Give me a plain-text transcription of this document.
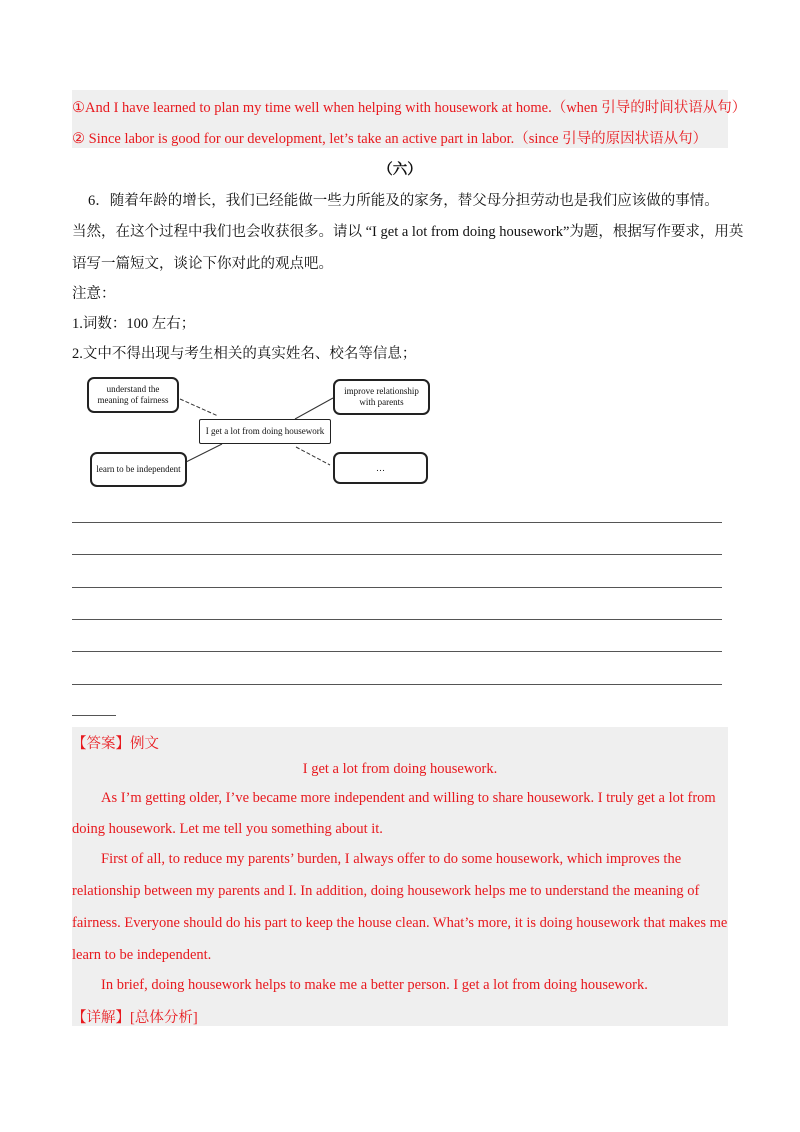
①And I have learned to plan my time well when helping with housework at home.（when 引导的时间状语从句）
② Since labor is good for our development, let’s take an active part in labor.（since 引导的原因状语从句）
（六）
6．随着年龄的增长，我们已经能做一些力所能及的家务，替父母分担劳动也是我们应该做的事情。
当然，在这个过程中我们也会收获很多。请以 “I get a lot from doing housework”为题，根据写作要求，用英
语写一篇短文，谈论下你对此的观点吧。
注意：
1.词数：100 左右；
2.文中不得出现与考生相关的真实姓名、校名等信息；
understand the
meaning of fairness
I get a lot from doing housework
improve relationship
with parents
learn to be independent	…
【答案】例文
I get a lot from doing housework.
As I’m getting older, I’ve became more independent and willing to share housework. I truly get a lot from
doing housework. Let me tell you something about it.
First of all, to reduce my parents’ burden, I always offer to do some housework, which improves the
relationship between my parents and I. In addition, doing housework helps me to understand the meaning of
fairness. Everyone should do his part to keep the house clean. What’s more, it is doing housework that makes me
learn to be independent.
In brief, doing housework helps to make me a better person. I get a lot from doing housework.
【详解】[总体分析]
